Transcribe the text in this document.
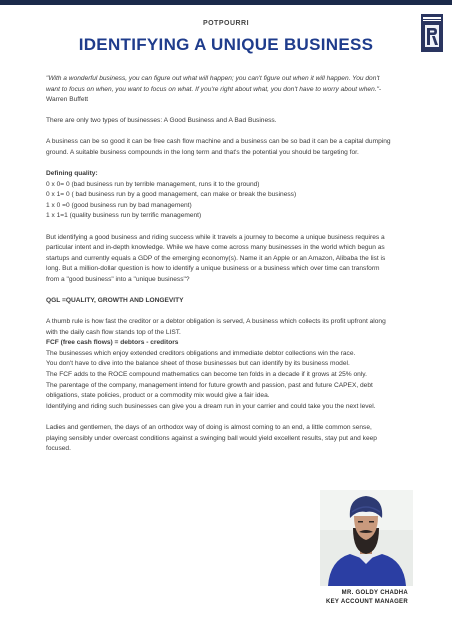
POTPOURRI
IDENTIFYING A UNIQUE BUSINESS

"With a wonderful business, you can figure out what will happen; you can't figure out when it will happen. You don't

want to focus on when, you want to focus on what. If you're right about what, you don't have to worry about when."-

Warren Buffett

There are only two types of businesses: A Good Business and A Bad Business.

A business can be so good it can be free cash flow machine and a business can be so bad it can be a capital dumping

ground. A suitable business compounds in the long term and that's the potential you should be targeting for.

Defining quality:

0 x 0= 0 (bad business run by terrible management, runs it to the ground)

0 x 1= 0 ( bad business run by a good management, can make or break the business)

1 x 0 =0 (good business run by bad management)

1 x 1=1 (quality business run by terrific management)

But identifying a good business and riding success while it travels a journey to become a unique business requires a

particular intent and in-depth knowledge. While we have come across many businesses in the world which begun as

startups and currently equals a GDP of the emerging economy(s). Name it an Apple or an Amazon, Alibaba the list is

long. But a million-dollar question is how to identify a unique business or a business which over time can transform

from a "good business" into a "unique business"?

QGL =QUALITY, GROWTH AND LONGEVITY

A thumb rule is how fast the creditor or a debtor obligation is served, A business which collects its profit upfront along

with the daily cash flow stands top of the LIST.

FCF (free cash flows) = debtors - creditors

The businesses which enjoy extended creditors obligations and immediate debtor collections win the race.

You don't have to dive into the balance sheet of those businesses but can identify by its business model.

The FCF adds to the ROCE compound mathematics can become ten folds in a decade if it grows at 25% only.

The parentage of the company, management intend for future growth and passion, past and future CAPEX, debt

obligations, state policies, product or a commodity mix would give a fair idea.

Identifying and riding such businesses can give you a dream run in your carrier and could take you the next level.

Ladies and gentlemen, the days of an orthodox way of doing is almost coming to an end, a little common sense,

playing sensibly under overcast conditions against a swinging ball would yield excellent results, stay put and keep

focused.

MR. GOLDY CHADHA
KEY ACCOUNT MANAGER
